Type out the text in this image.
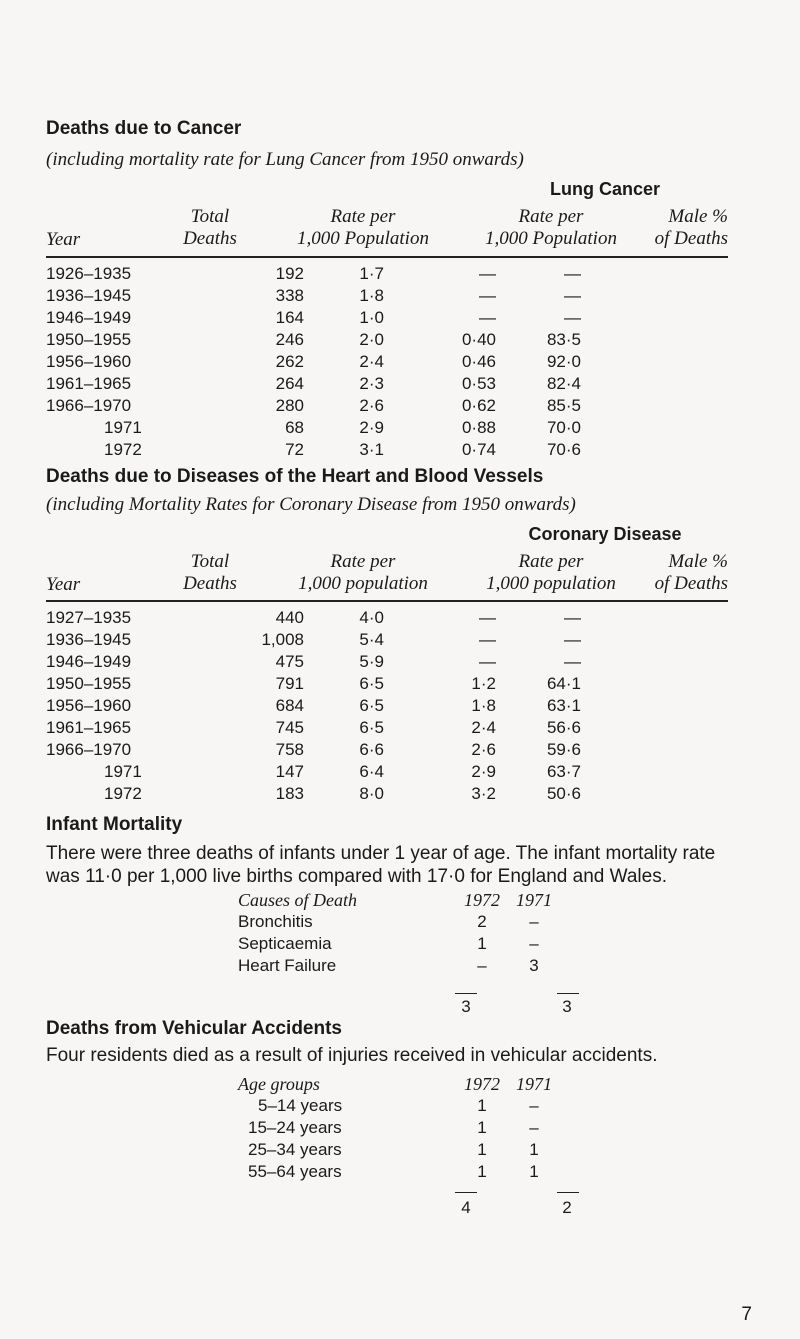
Deaths due to Cancer
(including mortality rate for Lung Cancer from 1950 onwards)
Lung Cancer
Year
Total
Deaths
Rate per
1,000 Population
Rate per
1,000 Population
Male %
of Deaths
1926–1935	192	1·7	—	—
1936–1945	338	1·8	—	—
1946–1949	164	1·0	—	—
1950–1955	246	2·0	0·40	83·5
1956–1960	262	2·4	0·46	92·0
1961–1965	264	2·3	0·53	82·4
1966–1970	280	2·6	0·62	85·5
1971	68	2·9	0·88	70·0
1972	72	3·1	0·74	70·6
Deaths due to Diseases of the Heart and Blood Vessels
(including Mortality Rates for Coronary Disease from 1950 onwards)
Coronary Disease
Year
Total
Deaths
Rate per
1,000 population
Rate per
1,000 population
Male %
of Deaths
1927–1935	440	4·0	—	—
1936–1945	1,008	5·4	—	—
1946–1949	475	5·9	—	—
1950–1955	791	6·5	1·2	64·1
1956–1960	684	6·5	1·8	63·1
1961–1965	745	6·5	2·4	56·6
1966–1970	758	6·6	2·6	59·6
1971	147	6·4	2·9	63·7
1972	183	8·0	3·2	50·6
Infant Mortality
There were three deaths of infants under 1 year of age. The infant mortality rate was 11·0 per 1,000 live births compared with 17·0 for England and Wales.
Causes of Death	1972	1971
Bronchitis	2	–
Septicaemia	1	–
Heart Failure	–	3
3	3
Deaths from Vehicular Accidents
Four residents died as a result of injuries received in vehicular accidents.
Age groups	1972	1971
5–14 years	1	–
15–24 years	1	–
25–34 years	1	1
55–64 years	1	1
4	2
7
